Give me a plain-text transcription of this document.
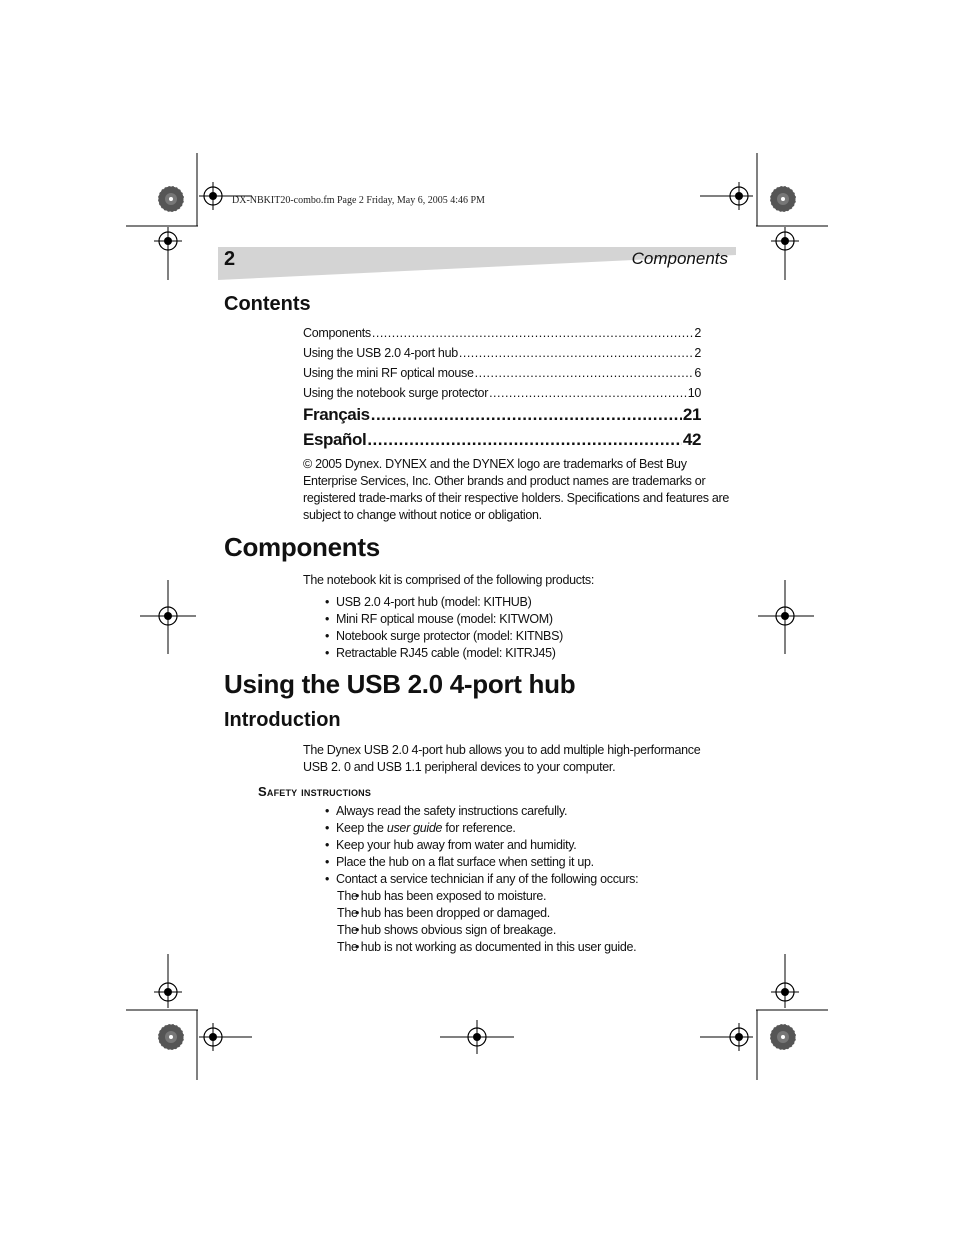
DX-NBKIT20-combo.fm Page 2 Friday, May 6, 2005 4:46 PM
2	Components
Contents
Components .....	2
Using the USB 2.0 4-port hub .....	2
Using the mini RF optical mouse .....	6
Using the notebook surge protector .....	10
Français .....	21
Español .....	42
© 2005 Dynex. DYNEX and the DYNEX logo are trademarks of Best Buy Enterprise Services, Inc. Other brands and product names are trademarks or registered trade-marks of their respective holders. Specifications and features are subject to change without notice or obligation.
Components
The notebook kit is comprised of the following products:
• USB 2.0 4-port hub (model: KITHUB)
• Mini RF optical mouse (model: KITWOM)
• Notebook surge protector (model: KITNBS)
• Retractable RJ45 cable (model: KITRJ45)
Using the USB 2.0 4-port hub
Introduction
The Dynex USB 2.0 4-port hub allows you to add multiple high-performance USB 2. 0 and USB 1.1 peripheral devices to your computer.
Safety instructions
• Always read the safety instructions carefully.
• Keep the user guide for reference.
• Keep your hub away from water and humidity.
• Place the hub on a flat surface when setting it up.
• Contact a service technician if any of the following occurs:
• The hub has been exposed to moisture.
• The hub has been dropped or damaged.
• The hub shows obvious sign of breakage.
• The hub is not working as documented in this user guide.
